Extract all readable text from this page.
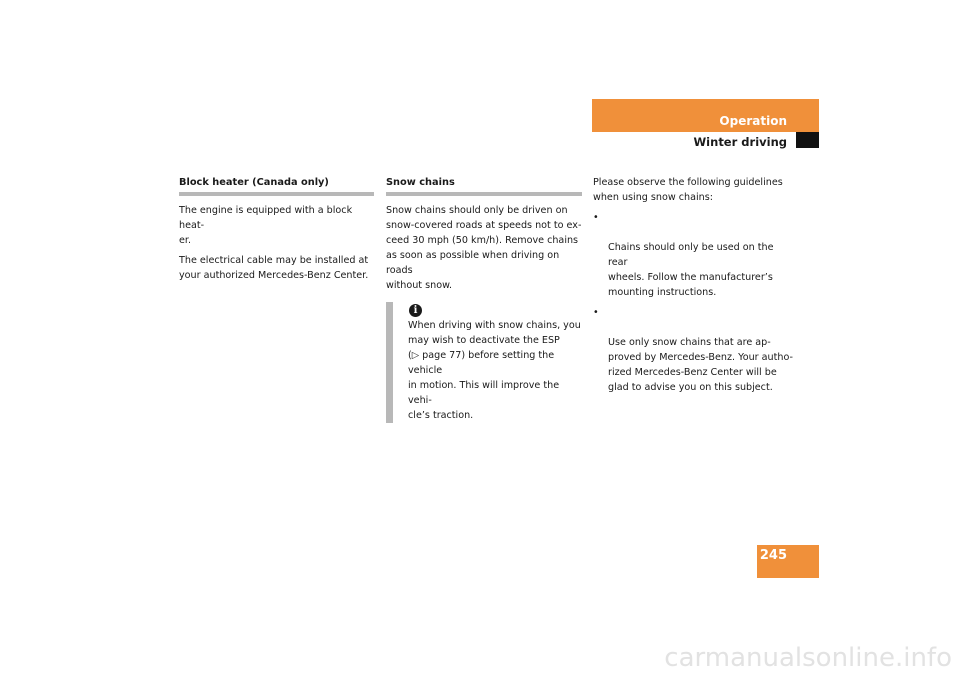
Operation
Winter driving
Block heater (Canada only)

The engine is equipped with a block heat-
er.

The electrical cable may be installed at
your authorized Mercedes-Benz Center.

Snow chains

Snow chains should only be driven on
snow-covered roads at speeds not to ex-
ceed 30 mph (50 km/h). Remove chains
as soon as possible when driving on roads
without snow.

i
When driving with snow chains, you
may wish to deactivate the ESP
(▷ page 77) before setting the vehicle
in motion. This will improve the vehi-
cle’s traction.

Please observe the following guidelines
when using snow chains:

•

Chains should only be used on the rear
wheels. Follow the manufacturer’s
mounting instructions.

•

Use only snow chains that are ap-
proved by Mercedes-Benz. Your autho-
rized Mercedes-Benz Center will be
glad to advise you on this subject.

245
carmanualsonline.info
